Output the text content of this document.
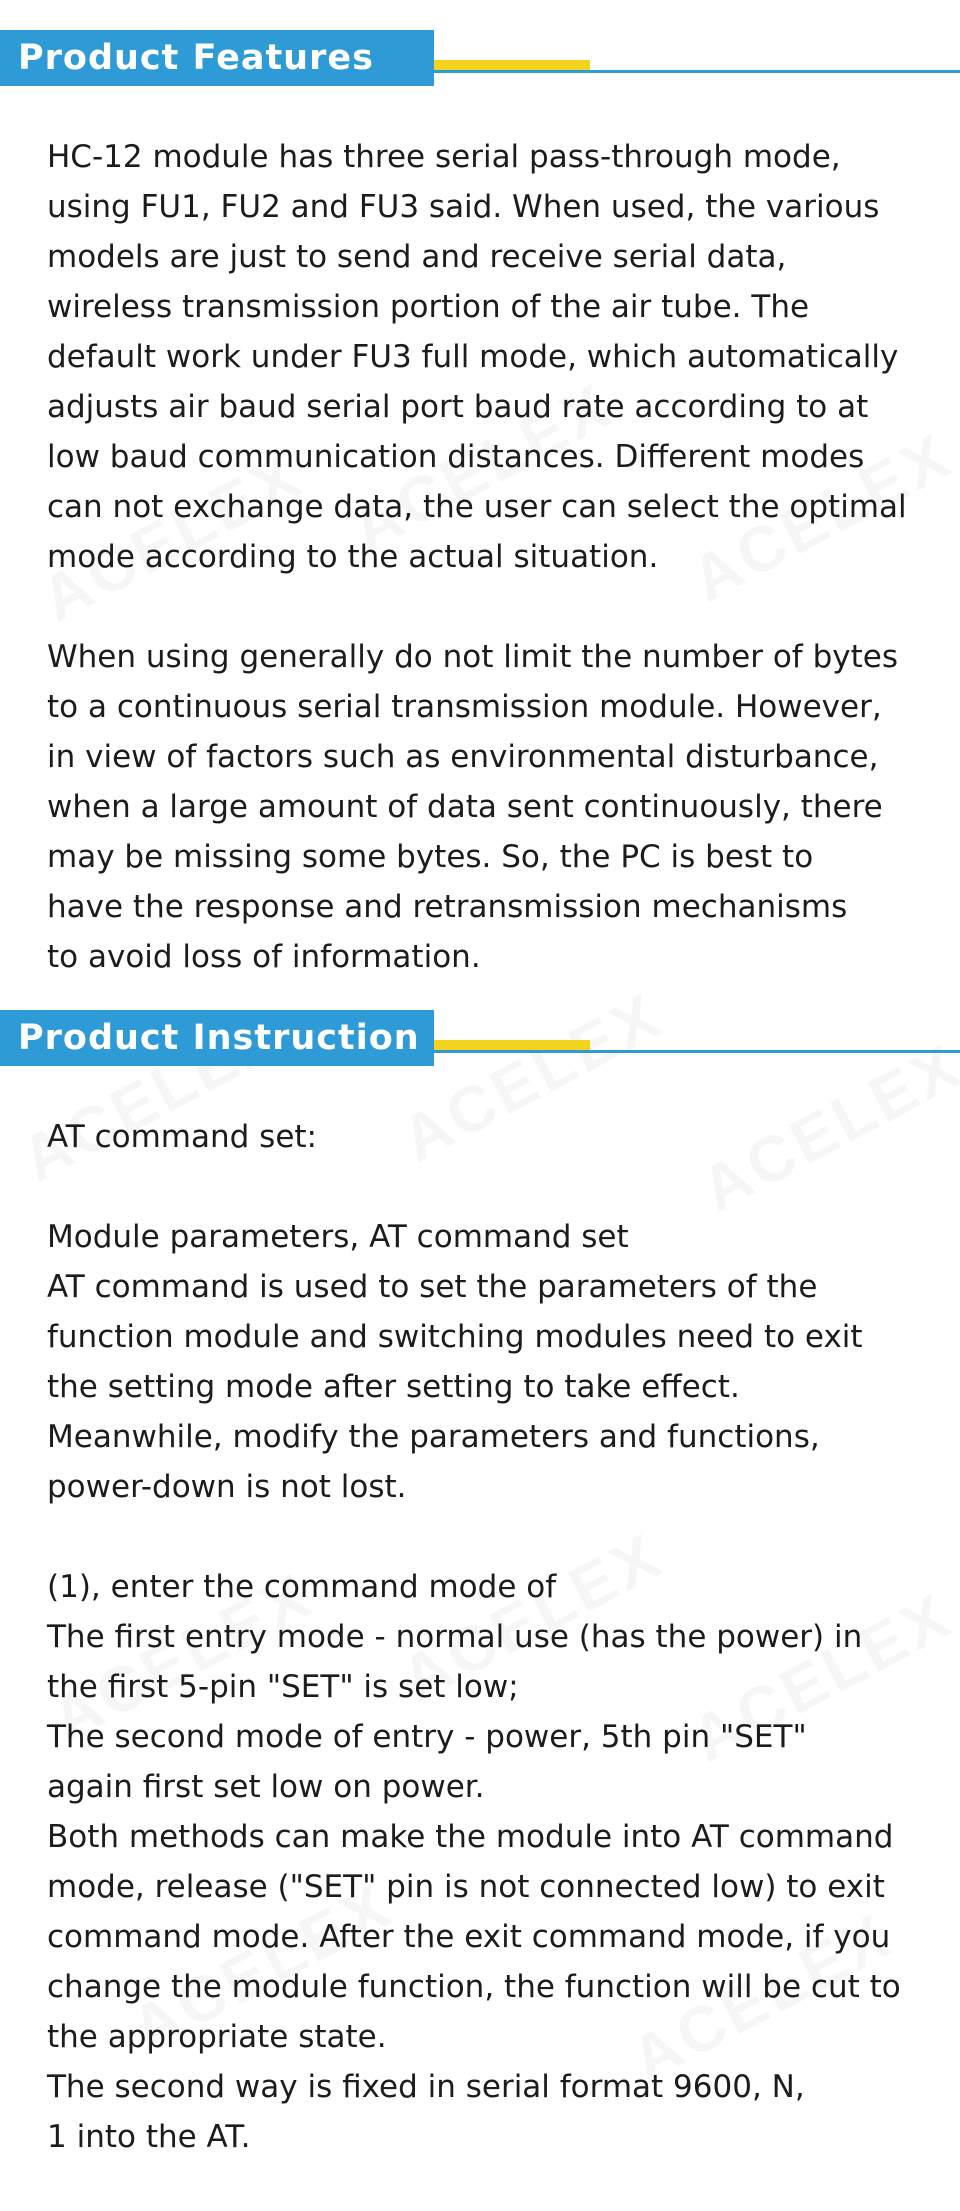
Product Features
HC-12 module has three serial pass-through mode,
using FU1, FU2 and FU3 said. When used, the various
models are just to send and receive serial data,
wireless transmission portion of the air tube. The
default work under FU3 full mode, which automatically
adjusts air baud serial port baud rate according to at
low baud communication distances. Different modes
can not exchange data, the user can select the optimal
mode according to the actual situation.
When using generally do not limit the number of bytes
to a continuous serial transmission module. However,
in view of factors such as environmental disturbance,
when a large amount of data sent continuously, there
may be missing some bytes. So, the PC is best to
have the response and retransmission mechanisms
to avoid loss of information.
Product Instruction
AT command set:
Module parameters, AT command set
AT command is used to set the parameters of the
function module and switching modules need to exit
the setting mode after setting to take effect.
Meanwhile, modify the parameters and functions,
power-down is not lost.
(1), enter the command mode of
The first entry mode - normal use (has the power) in
the first 5-pin "SET" is set low;
The second mode of entry - power, 5th pin "SET"
again first set low on power.
Both methods can make the module into AT command
mode, release ("SET" pin is not connected low) to exit
command mode. After the exit command mode, if you
change the module function, the function will be cut to
the appropriate state.
The second way is fixed in serial format 9600, N,
1 into the AT.
